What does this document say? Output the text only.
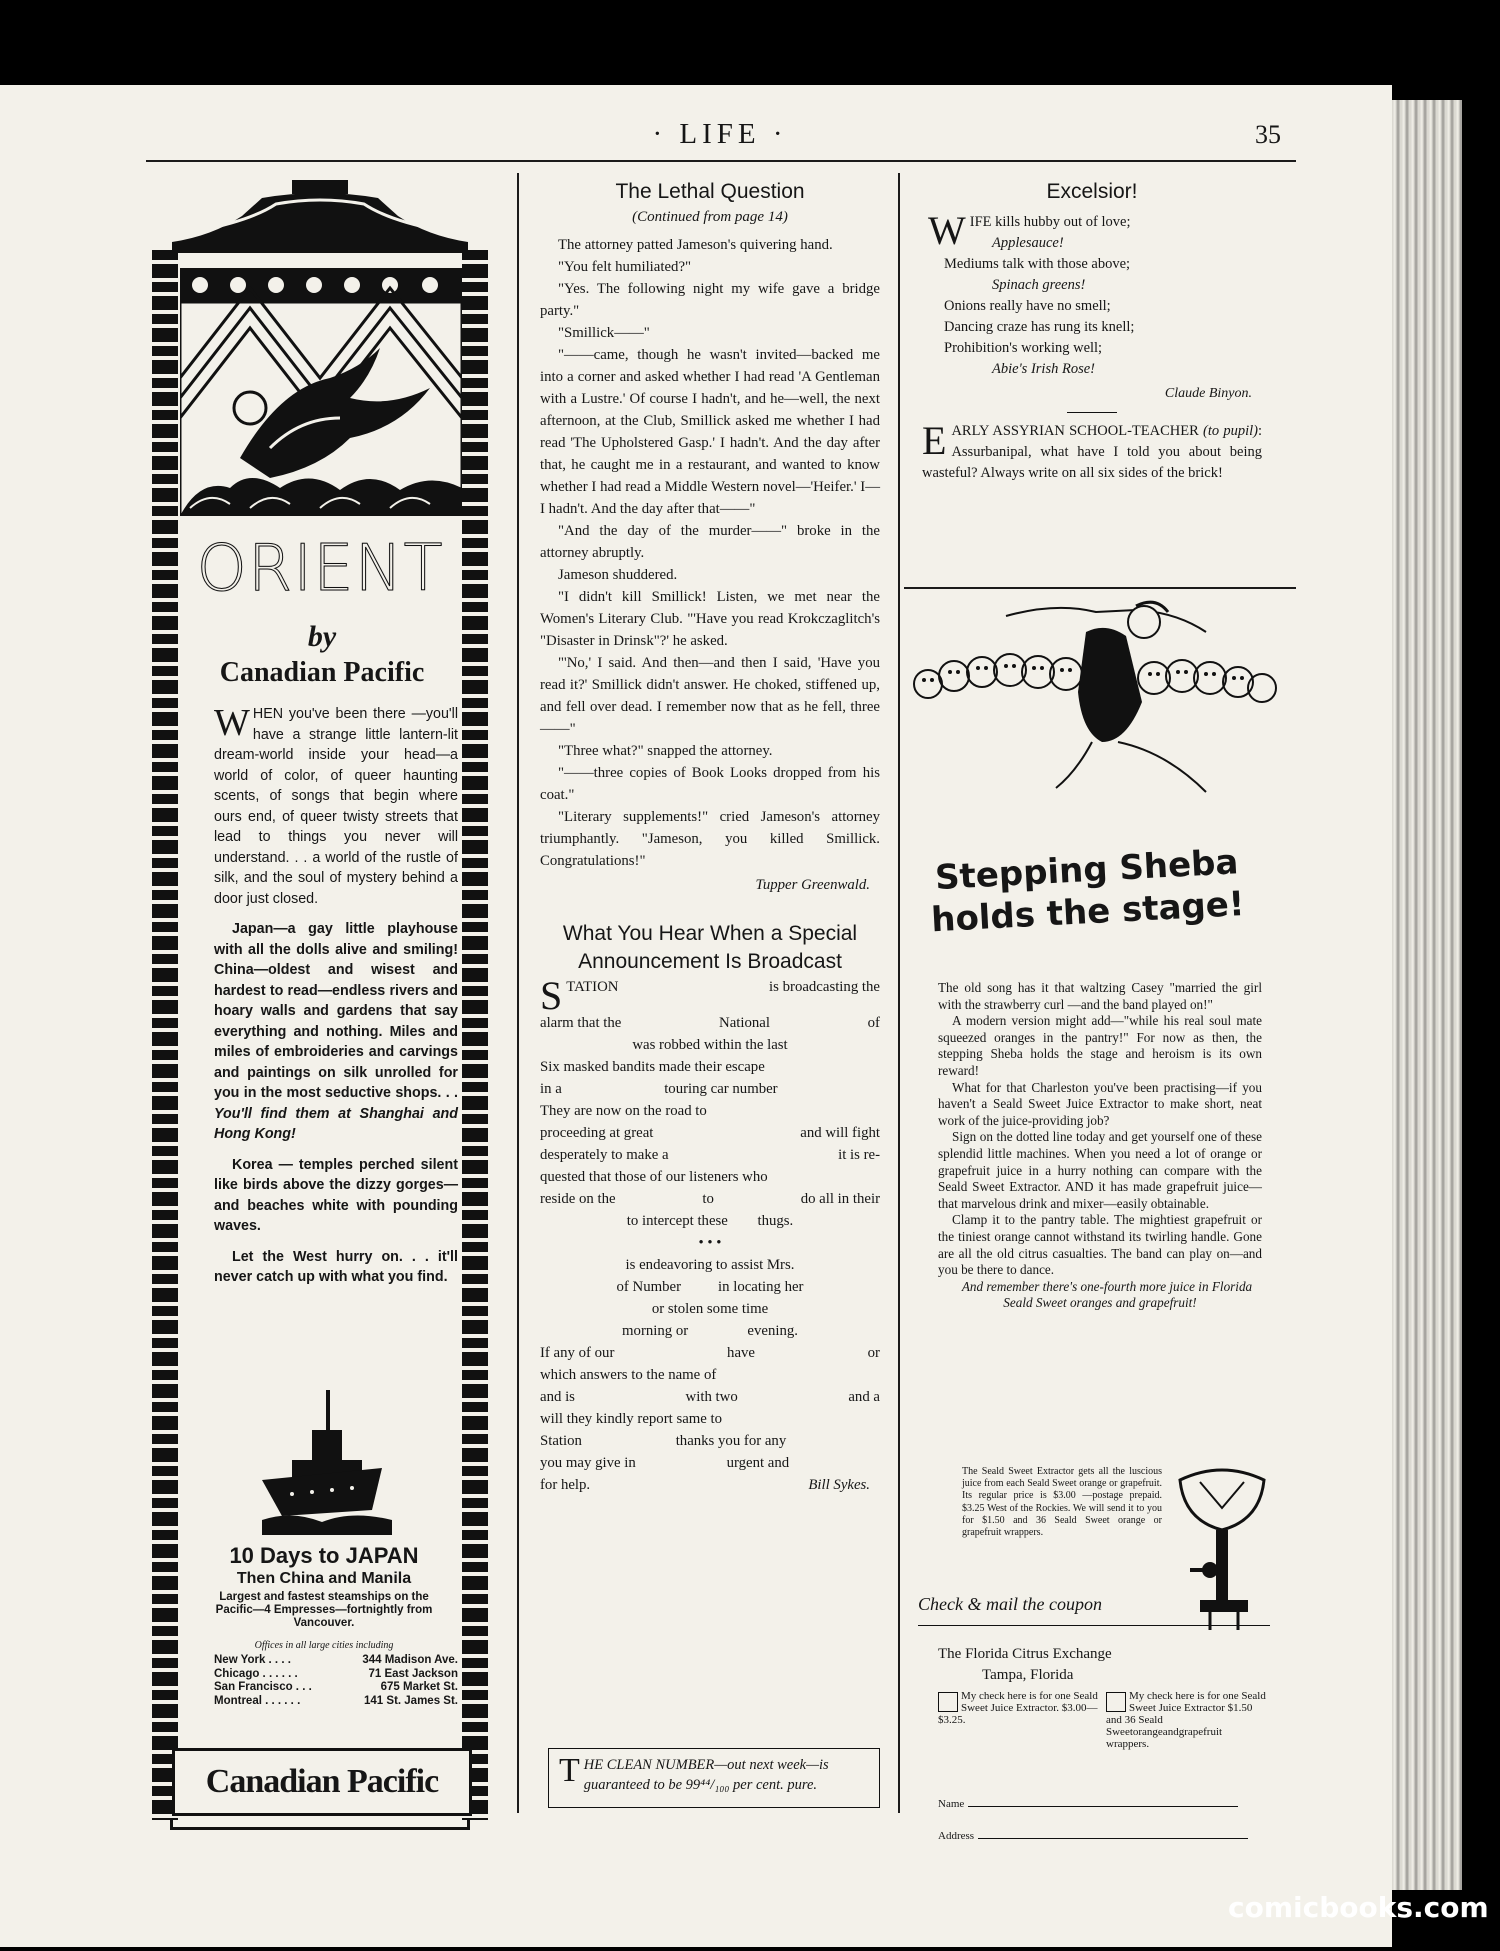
· LIFE ·	35
ORIENT
by
Canadian Pacific

WHEN you've been there —you'll have a strange little lantern-lit dream-world inside your head—a world of color, of queer haunting scents, of songs that begin where ours end, of queer twisty streets that lead to things you never will understand. . . a world of the rustle of silk, and the soul of mystery behind a door just closed.

Japan—a gay little playhouse with all the dolls alive and smiling! China—oldest and wisest and hardest to read—endless rivers and hoary walls and gardens that say everything and nothing. Miles and miles of embroideries and carvings and paintings on silk unrolled for you in the most seductive shops. . . You'll find them at Shanghai and Hong Kong!

Korea — temples perched silent like birds above the dizzy gorges—and beaches white with pounding waves.

Let the West hurry on. . . it'll never catch up with what you find.

10 Days to JAPAN
Then China and Manila
Largest and fastest steamships on the Pacific—4 Empresses—fortnightly from Vancouver.
Offices in all large cities including
New York . . . .	344 Madison Ave.
Chicago . . . . . .	71 East Jackson
San Francisco . . .	675 Market St.
Montreal . . . . . .	141 St. James St.
Canadian Pacific
The Lethal Question
(Continued from page 14)

The attorney patted Jameson's quivering hand.

"You felt humiliated?"

"Yes. The following night my wife gave a bridge party."

"Smillick——"

"——came, though he wasn't invited—backed me into a corner and asked whether I had read 'A Gentleman with a Lustre.' Of course I hadn't, and he—well, the next afternoon, at the Club, Smillick asked me whether I had read 'The Upholstered Gasp.' I hadn't. And the day after that, he caught me in a restaurant, and wanted to know whether I had read a Middle Western novel—'Heifer.' I—I hadn't. And the day after that——"

"And the day of the murder——" broke in the attorney abruptly.

Jameson shuddered.

"I didn't kill Smillick! Listen, we met near the Women's Literary Club. "'Have you read Krokczaglitch's "Disaster in Drinsk"?' he asked.

"'No,' I said. And then—and then I said, 'Have you read it?' Smillick didn't answer. He choked, stiffened up, and fell over dead. I remember now that as he fell, three——"

"Three what?" snapped the attorney.

"——three copies of Book Looks dropped from his coat."

"Literary supplements!" cried Jameson's attorney triumphantly. "Jameson, you killed Smillick. Congratulations!"

Tupper Greenwald.
What You Hear When a Special Announcement Is Broadcast

STATION	is broadcasting the

alarm that the	National	of

was robbed within the last

Six masked bandits made their escape

in a	touring car number

They are now on the road to

proceeding at great	and will fight

desperately to make a	it is re-

quested that those of our listeners who

reside on the	to	do all in their

to intercept these thugs.

• • •

is endeavoring to assist Mrs.

of Number	in locating her

or stolen some time

morning or	evening.

If any of our	have	or

which answers to the name of

and is	with two	and a

will they kindly report same to

Station	thanks you for any

you may give in	urgent and

for help.	Bill Sykes.

THE CLEAN NUMBER—out next week—is guaranteed to be 99⁴⁴/₁₀₀ per cent. pure.
Excelsior!

WIFE kills hubby out of love;

Applesauce!

Mediums talk with those above;

Spinach greens!

Onions really have no smell;

Dancing craze has rung its knell;

Prohibition's working well;

Abie's Irish Rose!

Claude Binyon.

EARLY ASSYRIAN SCHOOL-TEACHER (to pupil): Assurbanipal, what have I told you about being wasteful? Always write on all six sides of the brick!

Stepping Sheba
holds the stage!

The old song has it that waltzing Casey "married the girl with the strawberry curl —and the band played on!"

A modern version might add—"while his real soul mate squeezed oranges in the pantry!" For now as then, the stepping Sheba holds the stage and heroism is its own reward!

What for that Charleston you've been practising—if you haven't a Seald Sweet Juice Extractor to make short, neat work of the juice-providing job?

Sign on the dotted line today and get yourself one of these splendid little machines. When you need a lot of orange or grapefruit juice in a hurry nothing can compare with the Seald Sweet Extractor. AND it has made grapefruit juice—that marvelous drink and mixer—easily obtainable.

Clamp it to the pantry table. The mightiest grapefruit or the tiniest orange cannot withstand its twirling handle. Gone are all the old citrus casualties. The band can play on—and you be there to dance.

And remember there's one-fourth more juice in Florida Seald Sweet oranges and grapefruit!

The Seald Sweet Extractor gets all the luscious juice from each Seald Sweet orange or grapefruit. Its regular price is $3.00 —postage prepaid. $3.25 West of the Rockies. We will send it to you for $1.50 and 36 Seald Sweet orange or grapefruit wrappers.
Check & mail the coupon
The Florida Citrus Exchange
Tampa, Florida
My check here is for one Seald Sweet Juice Extractor. $3.00—$3.25.
My check here is for one Seald Sweet Juice Extractor $1.50 and 36 Seald Sweetorangeandgrapefruit wrappers.
Name
Address
comicbooks.com
